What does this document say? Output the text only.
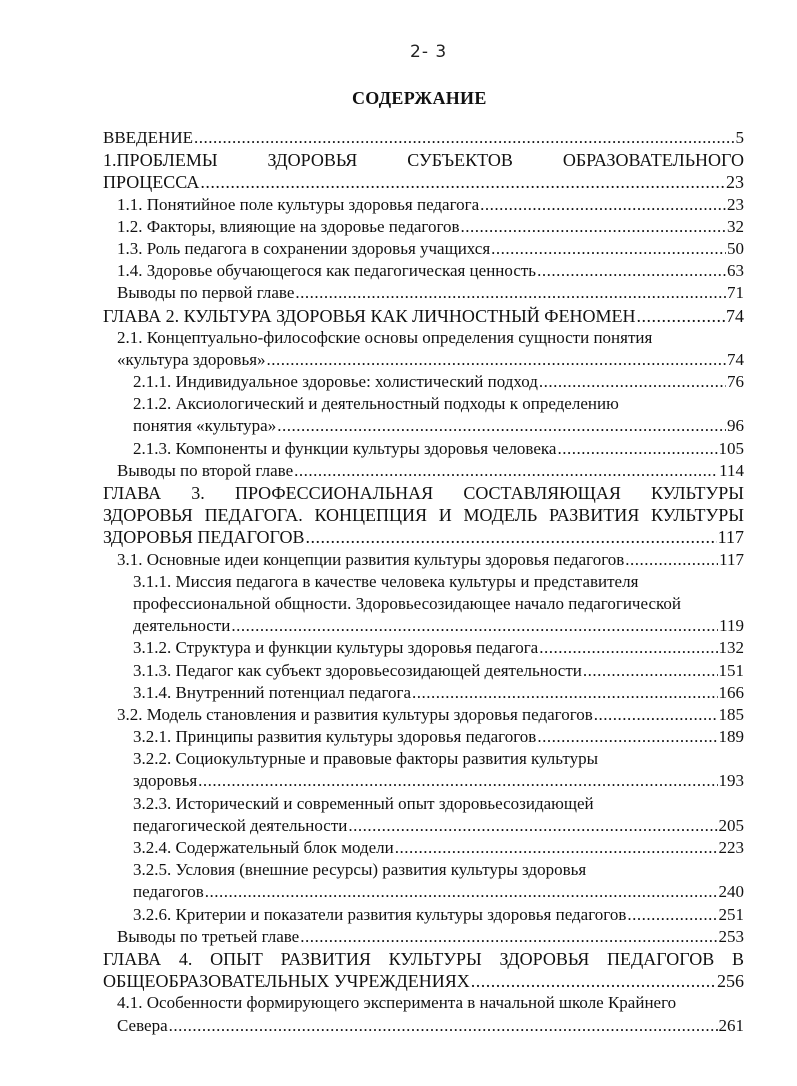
2- 3
СОДЕРЖАНИЕ
ВВЕДЕНИЕ .....	5
1.ПРОБЛЕМЫ ЗДОРОВЬЯ СУБЪЕКТОВ ОБРАЗОВАТЕЛЬНОГО
ПРОЦЕССА .....	23
1.1. Понятийное поле культуры здоровья педагога .....	23
1.2. Факторы, влияющие на здоровье педагогов .....	32
1.3. Роль педагога в сохранении здоровья учащихся .....	50
1.4. Здоровье обучающегося как педагогическая ценность .....	63
Выводы по первой главе .....	71
ГЛАВА 2. КУЛЬТУРА ЗДОРОВЬЯ КАК ЛИЧНОСТНЫЙ ФЕНОМЕН .....	74
2.1. Концептуально-философские основы определения сущности понятия
«культура здоровья» .....	74
2.1.1. Индивидуальное здоровье: холистический подход .....	76
2.1.2. Аксиологический и деятельностный подходы к определению
понятия «культура» .....	96
2.1.3. Компоненты и функции культуры здоровья человека .....	105
Выводы по второй главе .....	114
ГЛАВА 3. ПРОФЕССИОНАЛЬНАЯ СОСТАВЛЯЮЩАЯ КУЛЬТУРЫ
ЗДОРОВЬЯ ПЕДАГОГА. КОНЦЕПЦИЯ И МОДЕЛЬ РАЗВИТИЯ КУЛЬТУРЫ
ЗДОРОВЬЯ ПЕДАГОГОВ .....	117
3.1. Основные идеи концепции развития культуры здоровья педагогов .....	117
3.1.1. Миссия педагога в качестве человека культуры и представителя
профессиональной общности. Здоровьесозидающее начало педагогической
деятельности .....	119
3.1.2. Структура и функции культуры здоровья педагога .....	132
3.1.3. Педагог как субъект здоровьесозидающей деятельности .....	151
3.1.4. Внутренний потенциал педагога .....	166
3.2. Модель становления и развития культуры здоровья педагогов .....	185
3.2.1. Принципы развития культуры здоровья педагогов .....	189
3.2.2. Социокультурные и правовые факторы развития культуры
здоровья .....	193
3.2.3. Исторический и современный опыт здоровьесозидающей
педагогической деятельности .....	205
3.2.4. Содержательный блок модели .....	223
3.2.5. Условия (внешние ресурсы) развития культуры здоровья
педагогов .....	240
3.2.6. Критерии и показатели развития культуры здоровья педагогов .....	251
Выводы по третьей главе .....	253
ГЛАВА 4. ОПЫТ РАЗВИТИЯ КУЛЬТУРЫ ЗДОРОВЬЯ ПЕДАГОГОВ В
ОБЩЕОБРАЗОВАТЕЛЬНЫХ УЧРЕЖДЕНИЯХ .....	256
4.1. Особенности формирующего эксперимента в начальной школе Крайнего
Севера .....	261
